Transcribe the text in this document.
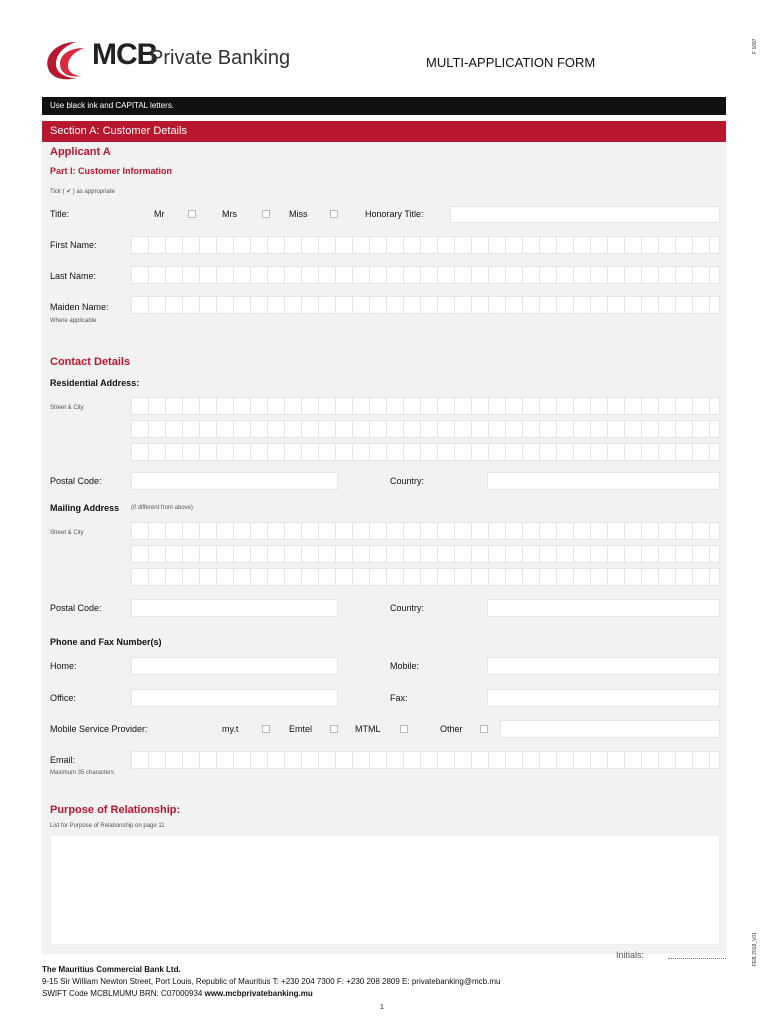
MCB
Private Banking	MULTI-APPLICATION FORM
F 1687
Use black ink and CAPITAL letters.
Section A: Customer Details
Applicant A
Part I: Customer Information
Tick ( ✔ ) as appropriate
Title:	Mr	Mrs	Miss	Honorary Title:
First Name:
Last Name:
Maiden Name:
Where applicable
Contact Details
Residential Address:
Street & City
Postal Code:	Country:
Mailing Address (if different from above)
Street & City
Postal Code:	Country:
Phone and Fax Number(s)
Home:	Mobile:
Office:	Fax:
Mobile Service Provider:	my.t	Emtel	MTML	Other
Email:
Maximum 35 characters
Purpose of Relationship:
List for Purpose of Relationship on page 11
Initials:	FEB 2018_V01
The Mauritius Commercial Bank Ltd.
9-15 Sir William Newton Street, Port Louis, Republic of Mauritius T: +230 204 7300 F: +230 208 2809 E: privatebanking@mcb.mu
SWIFT Code MCBLMUMU BRN: C07000934 www.mcbprivatebanking.mu
1
